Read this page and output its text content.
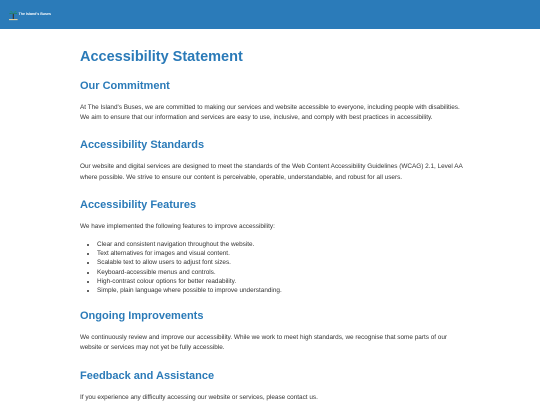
The Island's Buses
Accessibility Statement
Our Commitment

At The Island's Buses, we are committed to making our services and website accessible to everyone, including people with disabilities. We aim to ensure that our information and services are easy to use, inclusive, and comply with best practices in accessibility.

Accessibility Standards

Our website and digital services are designed to meet the standards of the Web Content Accessibility Guidelines (WCAG) 2.1, Level AA where possible. We strive to ensure our content is perceivable, operable, understandable, and robust for all users.

Accessibility Features

We have implemented the following features to improve accessibility:

• Clear and consistent navigation throughout the website.
• Text alternatives for images and visual content.
• Scalable text to allow users to adjust font sizes.
• Keyboard-accessible menus and controls.
• High-contrast colour options for better readability.
• Simple, plain language where possible to improve understanding.
Ongoing Improvements

We continuously review and improve our accessibility. While we work to meet high standards, we recognise that some parts of our website or services may not yet be fully accessible.

Feedback and Assistance

If you experience any difficulty accessing our website or services, please contact us.
